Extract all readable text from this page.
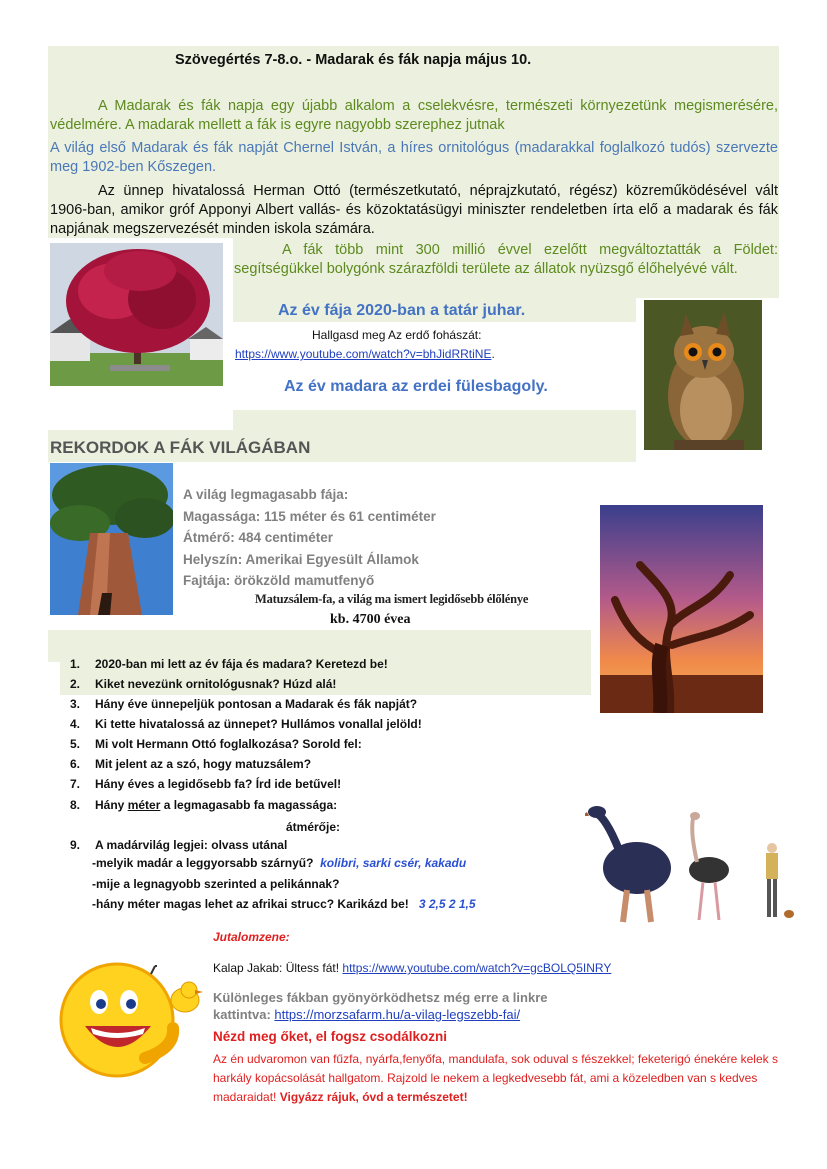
Szövegértés 7-8.o. - Madarak és fák napja május 10.
A Madarak és fák napja egy újabb alkalom a cselekvésre, természeti környezetünk megismerésére, védelmére. A madarak mellett a fák is egyre nagyobb szerephez jutnak
A világ első Madarak és fák napját Chernel István, a híres ornitológus (madarakkal foglalkozó tudós) szervezte meg 1902-ben Kőszegen.
Az ünnep hivatalossá Herman Ottó (természetkutató, néprajzkutató, régész) közreműködésével vált 1906-ban, amikor gróf Apponyi Albert vallás- és közoktatásügyi miniszter rendeletben írta elő a madarak és fák napjának megszervezését minden iskola számára.
A fák több mint 300 millió évvel ezelőtt megváltoztatták a Földet: segítségükkel bolygónk szárazföldi területe az állatok nyüzsgő élőhelyévé vált.
Az év fája 2020-ban a tatár juhar.
Hallgasd meg Az erdő fohászát:
https://www.youtube.com/watch?v=bhJidRRtiNE.
Az év madara az erdei fülesbagoly.
REKORDOK A FÁK VILÁGÁBAN
A világ legmagasabb fája:
Magassága: 115 méter és 61 centiméter
Átmérő: 484 centiméter
Helyszín: Amerikai Egyesült Államok
Fajtája: örökzöld mamutfenyő
Matuzsálem-fa, a világ ma ismert legidősebb élőlénye
kb. 4700 évea
1.	2020-ban mi lett az év fája és madara? Keretezd be!
2.	Kiket nevezünk ornitológusnak? Húzd alá!
3.	Hány éve ünnepeljük pontosan a Madarak és fák napját?
4.	Ki tette hivatalossá az ünnepet? Hullámos vonallal jelöld!
5.	Mi volt Hermann Ottó foglalkozása? Sorold fel:
6.	Mit jelent az a szó, hogy matuzsálem?
7.	Hány éves a legidősebb fa? Írd ide betűvel!
8.	Hány méter a legmagasabb fa magassága:
átmérője:
9.	A madárvilág legjei: olvass utánal
-melyik madár a leggyorsabb szárnyű? kolibri, sarki csér, kakadu
-mije a legnagyobb szerinted a pelikánnak?
-hány méter magas lehet az afrikai strucc? Karikázd be! 3 2,5 2 1,5
Jutalomzene:
Kalap Jakab: Ültess fát! https://www.youtube.com/watch?v=gcBOLQ5INRY
Különleges fákban gyönyörködhetsz még erre a linkre
kattintva: https://morzsafarm.hu/a-vilag-legszebb-fai/
Nézd meg őket, el fogsz csodálkozni
Az én udvaromon van fűzfa, nyárfa,fenyőfa, mandulafa, sok oduval s fészekkel; feketerigó énekére kelek s harkály kopácsolását hallgatom. Rajzold le nekem a legkedvesebb fát, ami a közeledben van s kedves madaraidat! Vigyázz rájuk, óvd a természetet!
